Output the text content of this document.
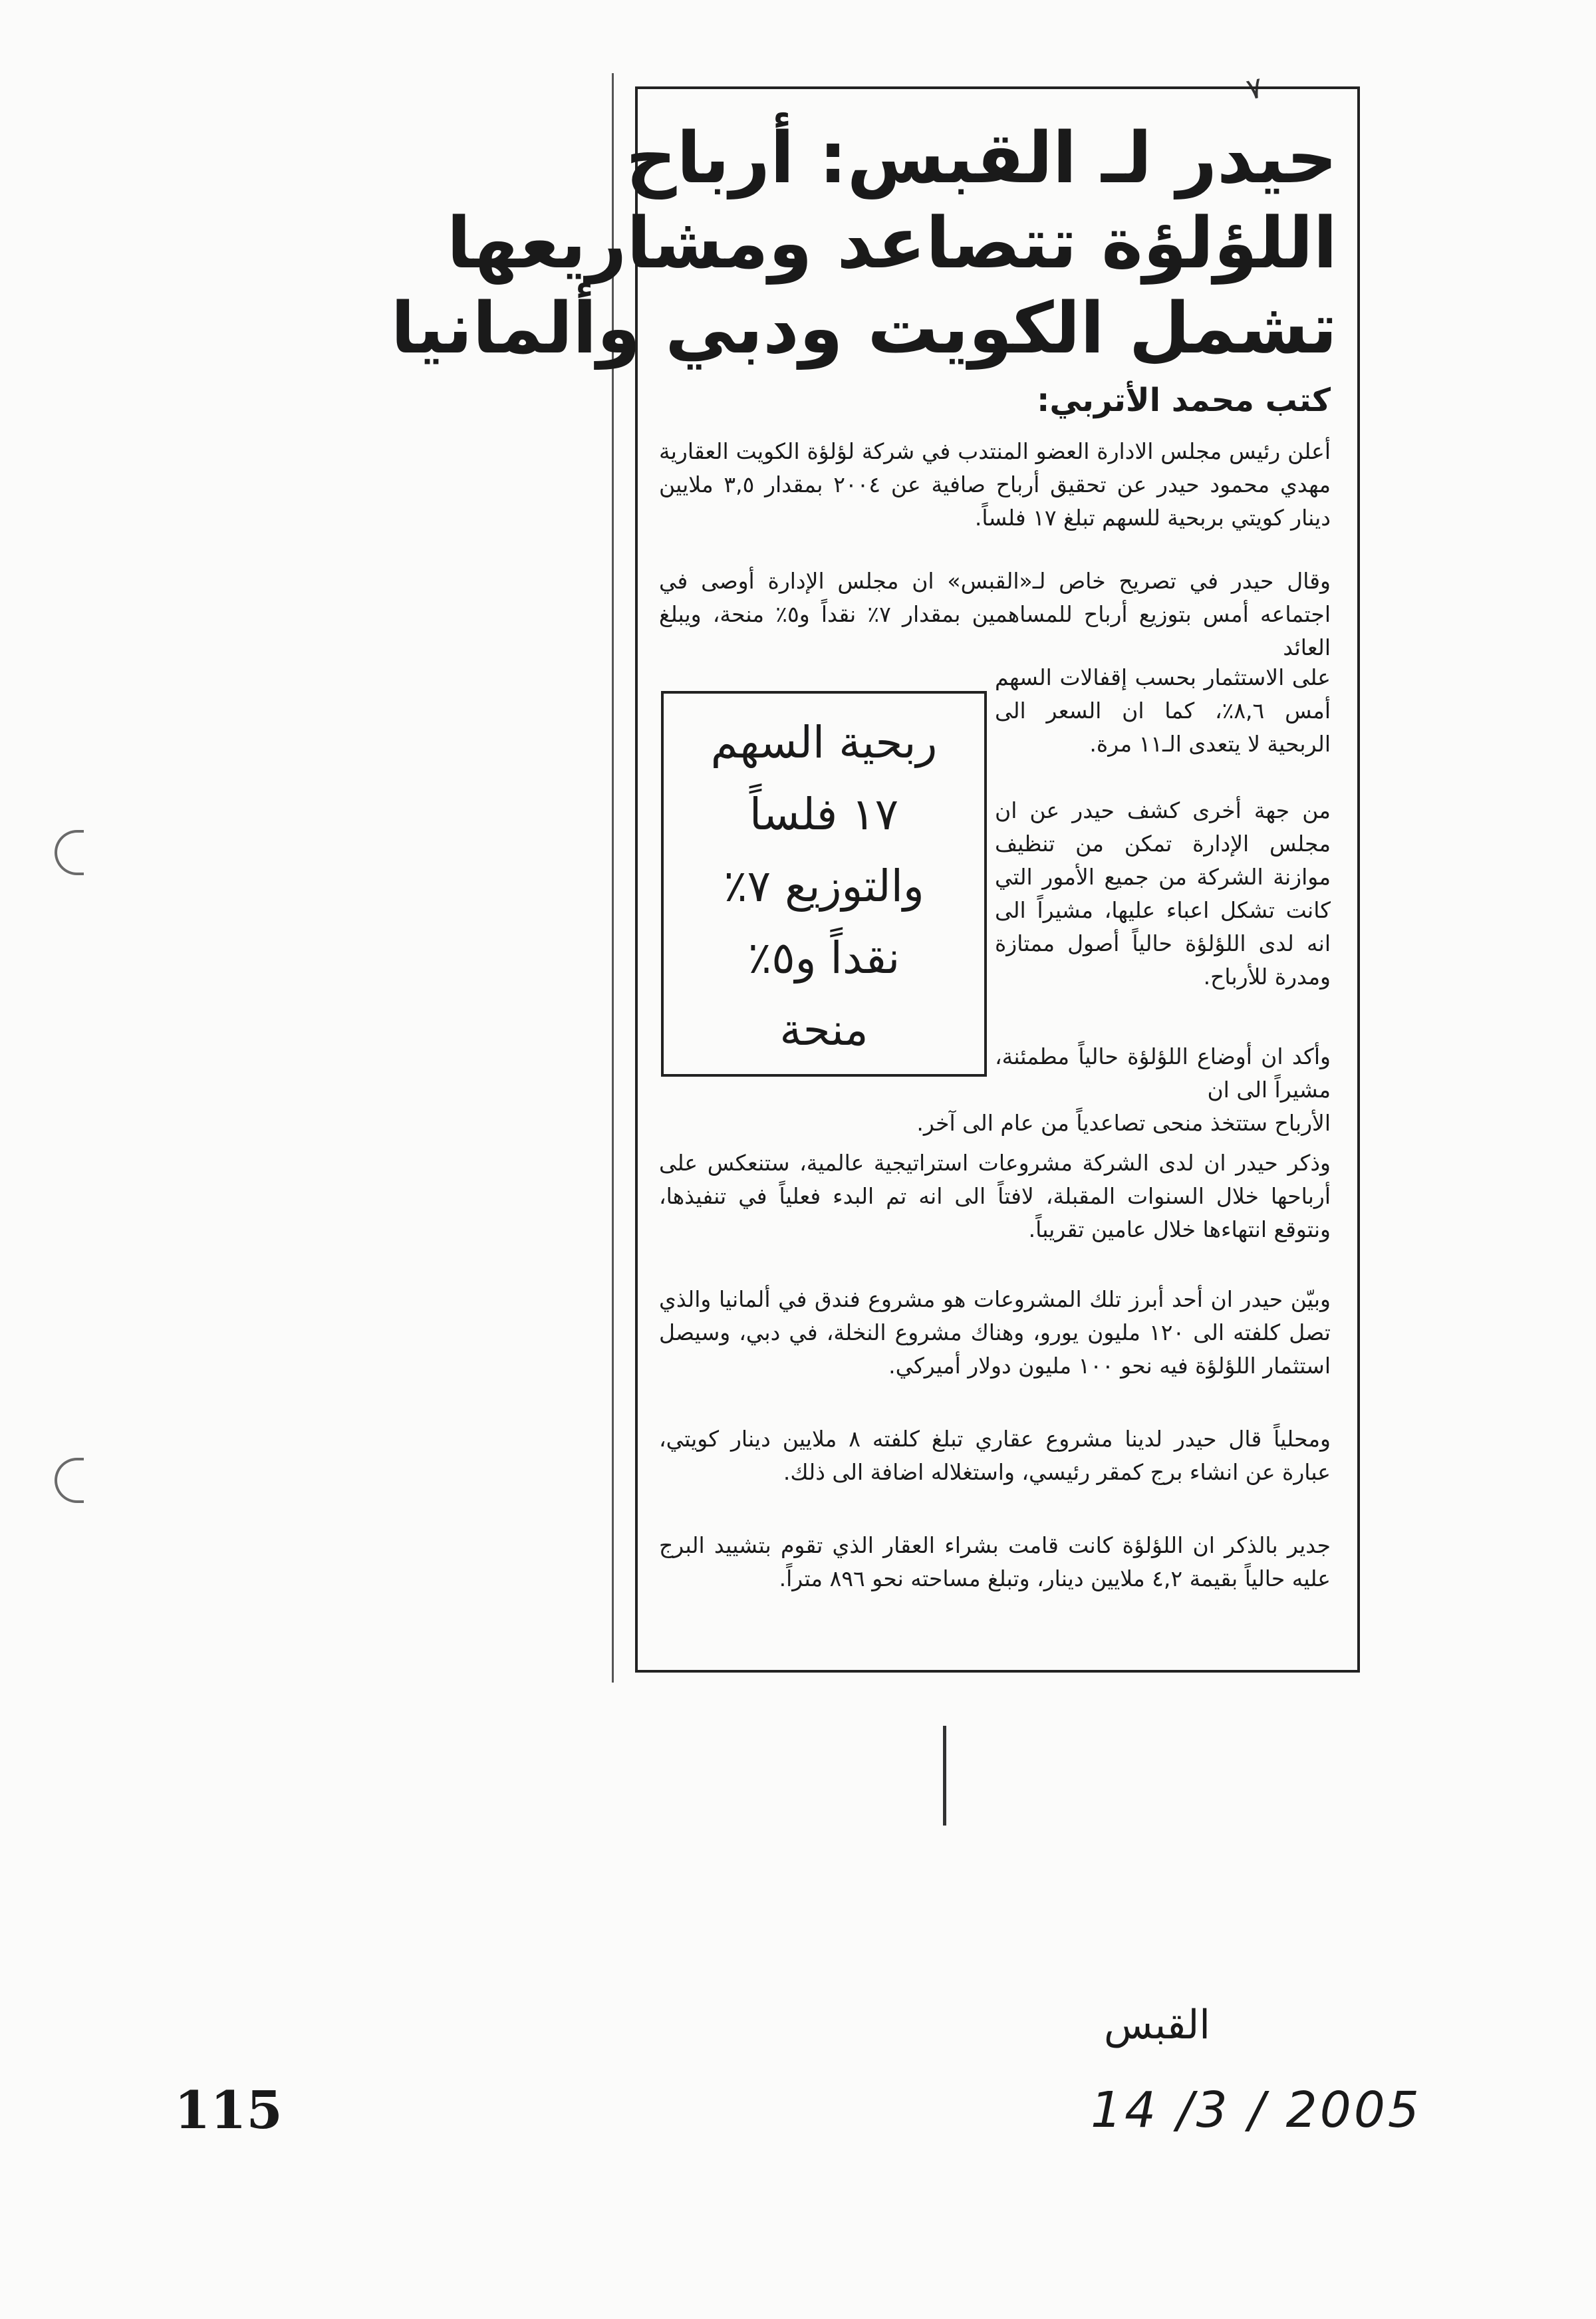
٧
حيدر لـ القبس: أرباح
اللؤلؤة تتصاعد ومشاريعها
تشمل الكويت ودبي وألمانيا
كتب محمد الأتربي:
أعلن رئيس مجلس الادارة العضو المنتدب في شركة لؤلؤة الكويت العقارية مهدي محمود حيدر عن تحقيق أرباح صافية عن ٢٠٠٤ بمقدار ٣,٥ ملايين دينار كويتي بربحية للسهم تبلغ ١٧ فلساً.
وقال حيدر في تصريح خاص لـ«القبس» ان مجلس الإدارة أوصى في اجتماعه أمس بتوزيع أرباح للمساهمين بمقدار ٧٪ نقداً و٥٪ منحة، ويبلغ العائد
على الاستثمار بحسب إقفالات السهم أمس ٨,٦٪، كما ان السعر الى الربحية لا يتعدى الـ١١ مرة.
من جهة أخرى كشف حيدر عن ان مجلس الإدارة تمكن من تنظيف موازنة الشركة من جميع الأمور التي كانت تشكل اعباء عليها، مشيراً الى انه لدى اللؤلؤة حالياً أصول ممتازة ومدرة للأرباح.
وأكد ان أوضاع اللؤلؤة حالياً مطمئنة، مشيراً الى ان
الأرباح ستتخذ منحى تصاعدياً من عام الى آخر.
وذكر حيدر ان لدى الشركة مشروعات استراتيجية عالمية، ستنعكس على أرباحها خلال السنوات المقبلة، لافتاً الى انه تم البدء فعلياً في تنفيذها، ونتوقع انتهاءها خلال عامين تقريباً.
وبيّن حيدر ان أحد أبرز تلك المشروعات هو مشروع فندق في ألمانيا والذي تصل كلفته الى ١٢٠ مليون يورو، وهناك مشروع النخلة، في دبي، وسيصل استثمار اللؤلؤة فيه نحو ١٠٠ مليون دولار أميركي.
ومحلياً قال حيدر لدينا مشروع عقاري تبلغ كلفته ٨ ملايين دينار كويتي، عبارة عن انشاء برج كمقر رئيسي، واستغلاله اضافة الى ذلك.
جدير بالذكر ان اللؤلؤة كانت قامت بشراء العقار الذي تقوم بتشييد البرج عليه حالياً بقيمة ٤,٢ ملايين دينار، وتبلغ مساحته نحو ٨٩٦ متراً.
ربحية السهم
١٧ فلساً
والتوزيع ٧٪
نقداً و٥٪
منحة
القبس
14 /3 / 2005
115
